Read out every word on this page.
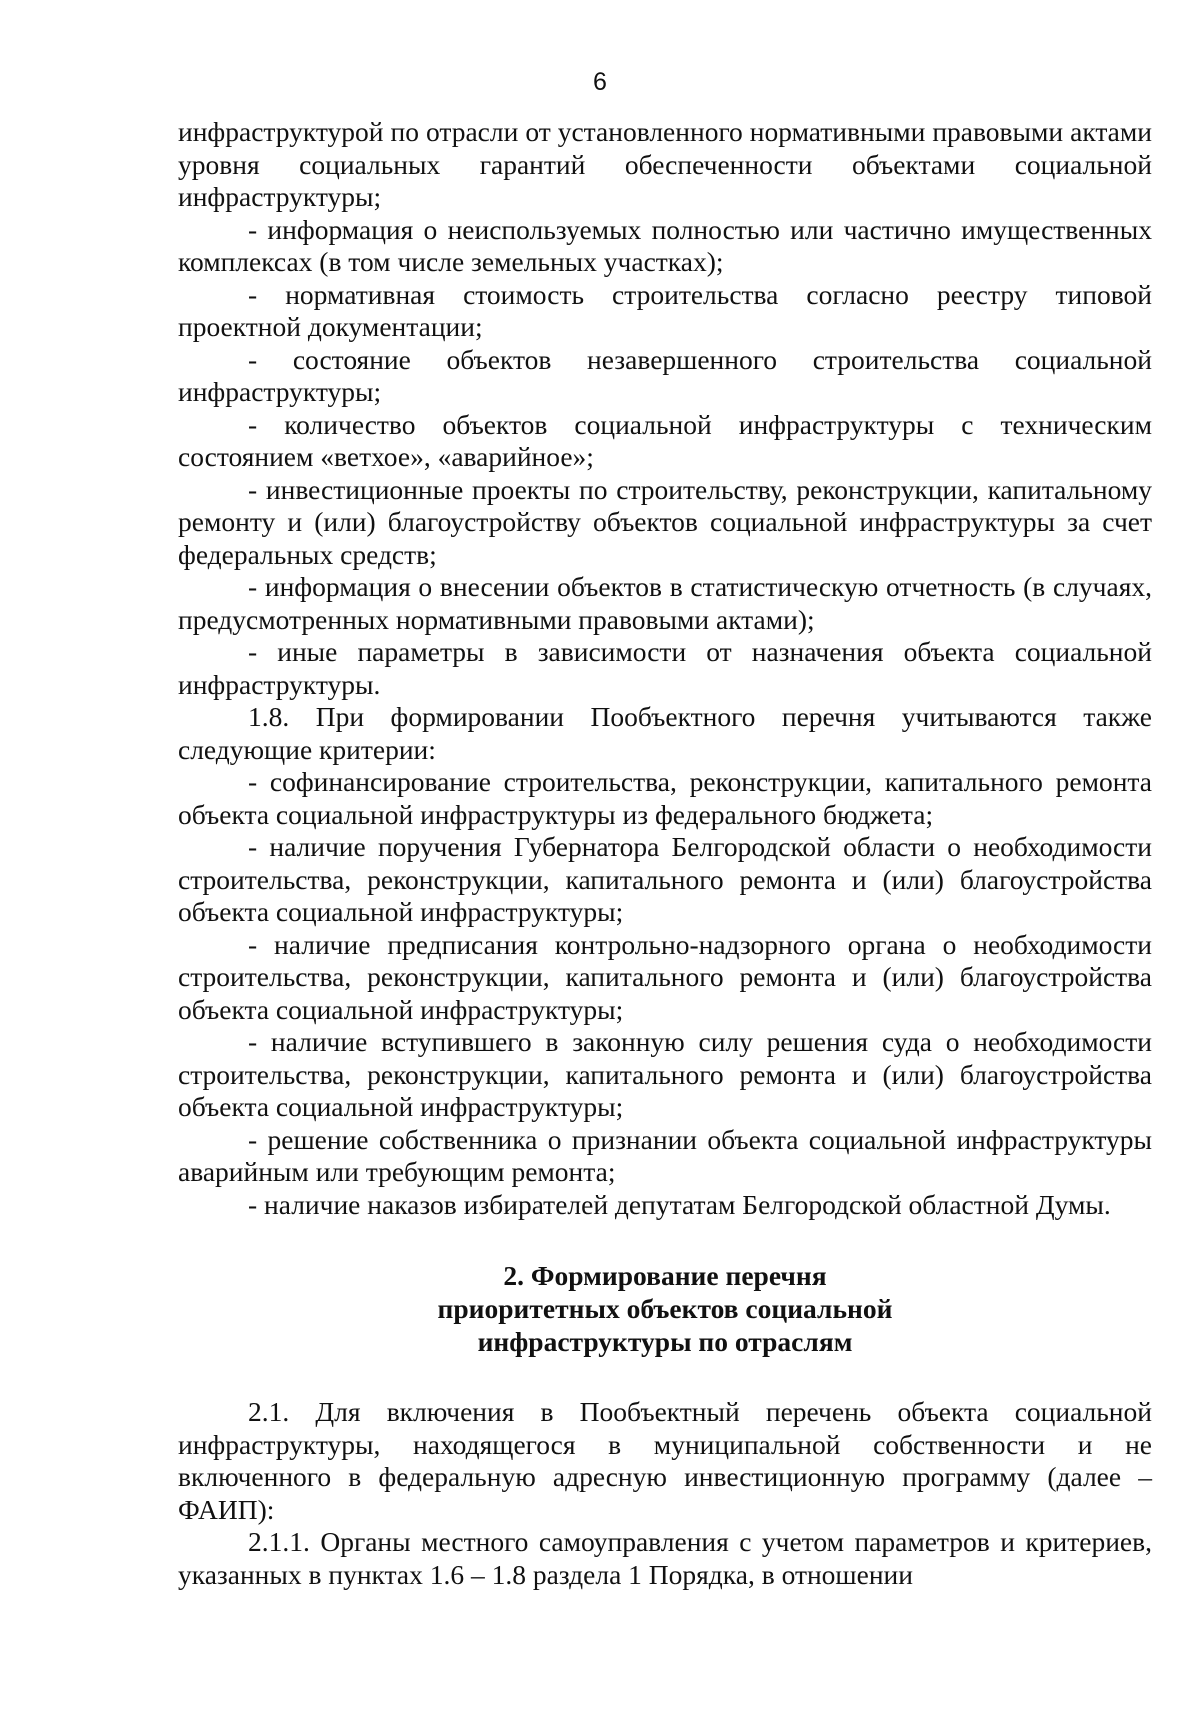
6

инфраструктурой по отрасли от установленного нормативными правовыми актами уровня социальных гарантий обеспеченности объектами социальной инфраструктуры;

- информация о неиспользуемых полностью или частично имущественных комплексах (в том числе земельных участках);

- нормативная стоимость строительства согласно реестру типовой проектной документации;

- состояние объектов незавершенного строительства социальной инфраструктуры;

- количество объектов социальной инфраструктуры с техническим состоянием «ветхое», «аварийное»;

- инвестиционные проекты по строительству, реконструкции, капитальному ремонту и (или) благоустройству объектов социальной инфраструктуры за счет федеральных средств;

- информация о внесении объектов в статистическую отчетность (в случаях, предусмотренных нормативными правовыми актами);

- иные параметры в зависимости от назначения объекта социальной инфраструктуры.

1.8. При формировании Пообъектного перечня учитываются также следующие критерии:

- софинансирование строительства, реконструкции, капитального ремонта объекта социальной инфраструктуры из федерального бюджета;

- наличие поручения Губернатора Белгородской области о необходимости строительства, реконструкции, капитального ремонта и (или) благоустройства объекта социальной инфраструктуры;

- наличие предписания контрольно-надзорного органа о необходимости строительства, реконструкции, капитального ремонта и (или) благоустройства объекта социальной инфраструктуры;

- наличие вступившего в законную силу решения суда о необходимости строительства, реконструкции, капитального ремонта и (или) благоустройства объекта социальной инфраструктуры;

- решение собственника о признании объекта социальной инфраструктуры аварийным или требующим ремонта;

- наличие наказов избирателей депутатам Белгородской областной Думы.

2. Формирование перечня
приоритетных объектов социальной
инфраструктуры по отраслям

2.1. Для включения в Пообъектный перечень объекта социальной инфраструктуры, находящегося в муниципальной собственности и не включенного в федеральную адресную инвестиционную программу (далее – ФАИП):

2.1.1. Органы местного самоуправления с учетом параметров и критериев, указанных в пунктах 1.6 – 1.8 раздела 1 Порядка, в отношении
